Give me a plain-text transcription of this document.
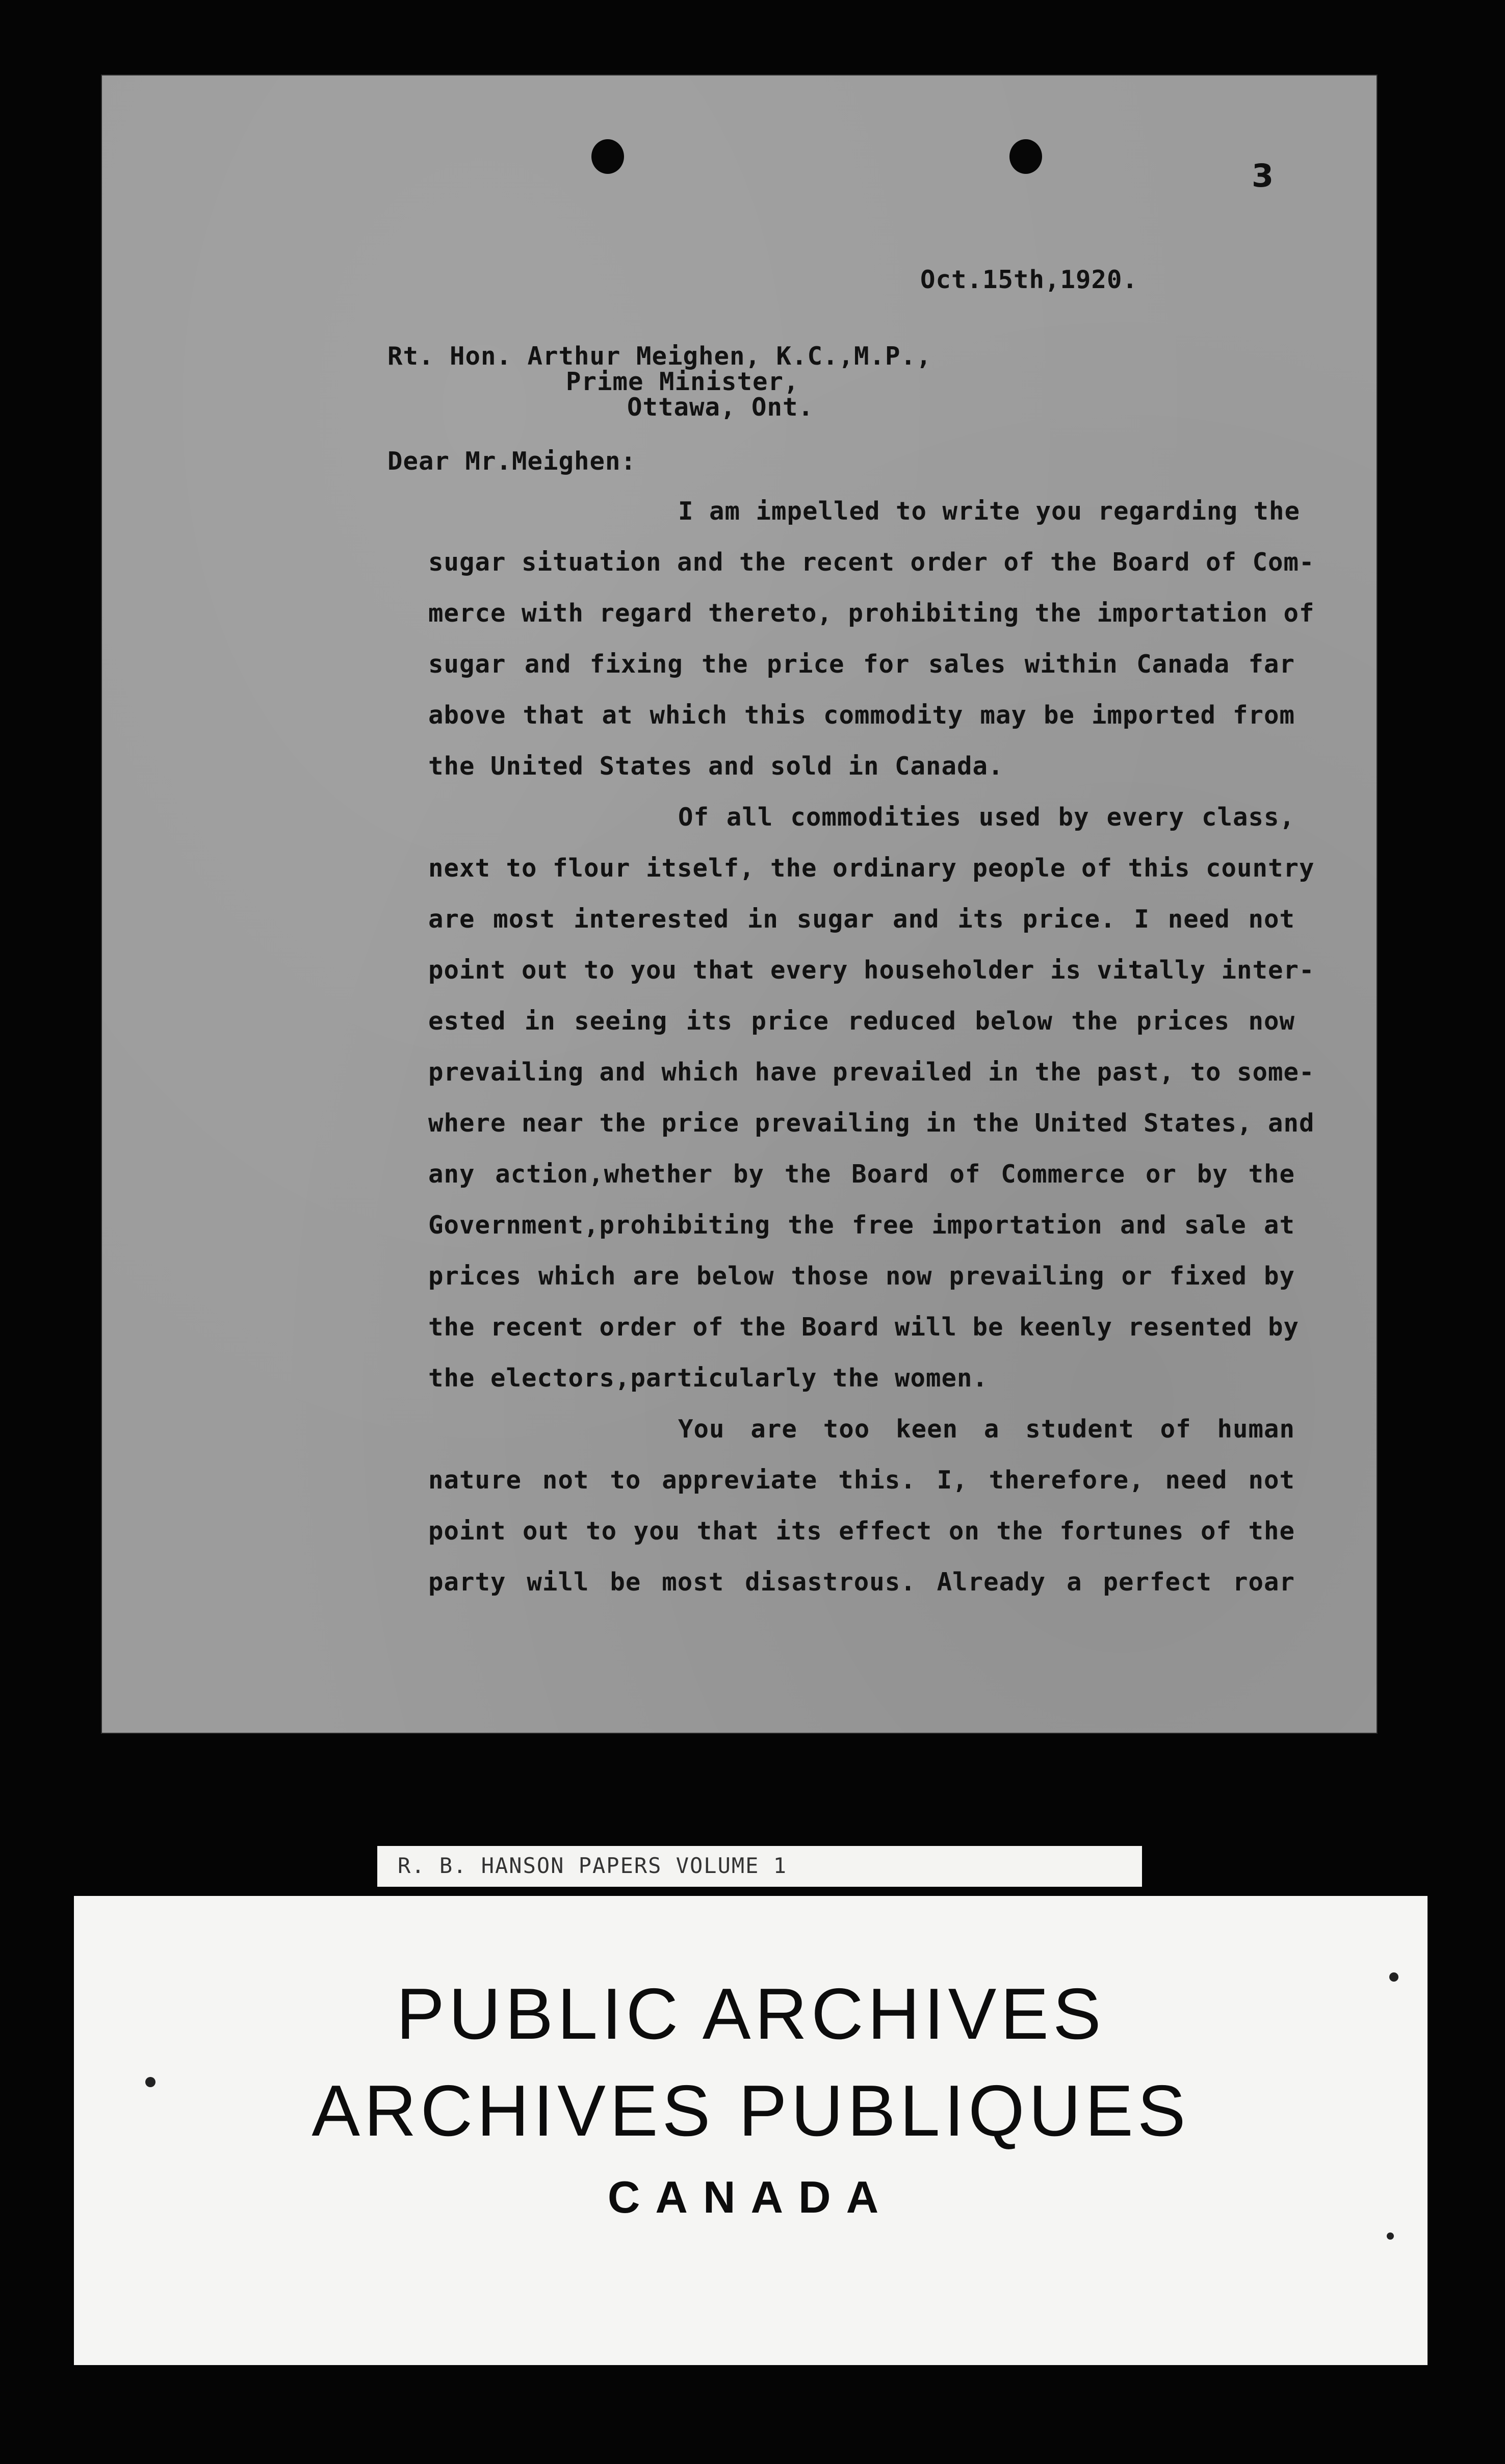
3
Oct.15th,1920.
Rt. Hon. Arthur Meighen, K.C.,M.P.,
Prime Minister,
Ottawa, Ont.
Dear Mr.Meighen:
I am impelled to write you regarding the
sugar situation and the recent order of the Board of Com-
merce with regard thereto, prohibiting the importation of
sugar and fixing the price for sales within Canada far
above that at which this commodity may be imported from
the United States and sold in Canada.
Of all commodities used by every class,
next to flour itself, the ordinary people of this country
are most interested in sugar and its price. I need not
point out to you that every householder is vitally inter-
ested in seeing its price reduced below the prices now
prevailing and which have prevailed in the past, to some-
where near the price prevailing in the United States, and
any action,whether by the Board of Commerce or by the
Government,prohibiting the free importation and sale at
prices which are below those now prevailing or fixed by
the recent order of the Board will be keenly resented by
the electors,particularly the women.
You are too keen a student of human
nature not to appreviate this. I, therefore, need not
point out to you that its effect on the fortunes of the
party will be most disastrous. Already a perfect roar
R. B. HANSON PAPERS VOLUME 1
PUBLIC ARCHIVES
ARCHIVES PUBLIQUES
CANADA
